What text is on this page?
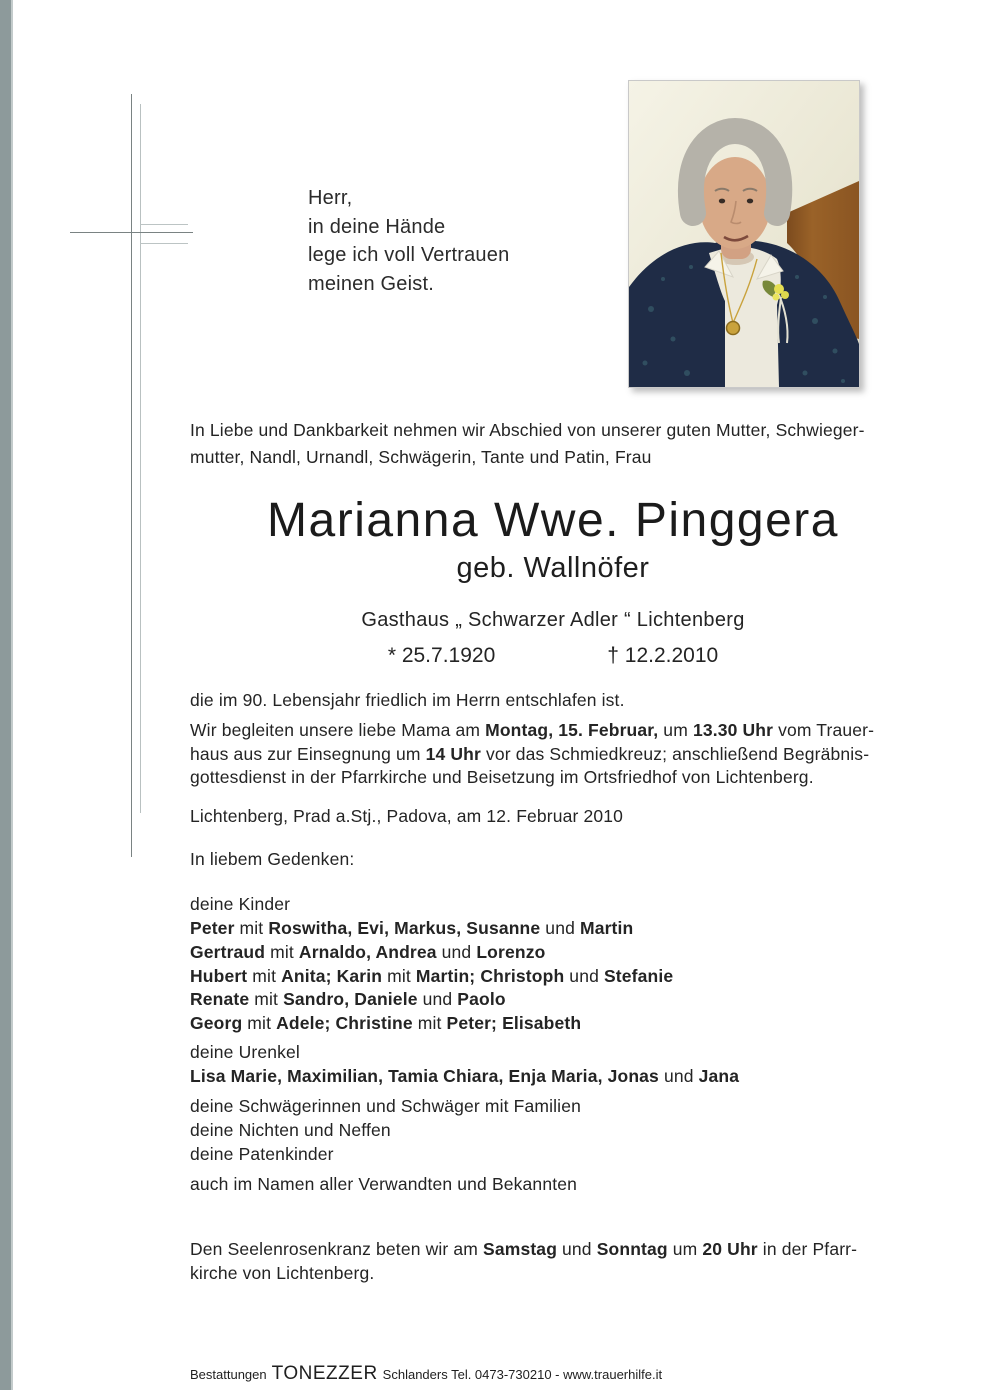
Herr,
in deine Hände
lege ich voll Vertrauen
meinen Geist.
In Liebe und Dankbarkeit nehmen wir Abschied von unserer guten Mutter, Schwieger-
mutter, Nandl, Urnandl, Schwägerin, Tante und Patin, Frau
Marianna Wwe. Pinggera
geb. Wallnöfer
Gasthaus „ Schwarzer Adler “ Lichtenberg
* 25.7.1920	† 12.2.2010
die im 90. Lebensjahr friedlich im Herrn entschlafen ist.
Wir begleiten unsere liebe Mama am Montag, 15. Februar, um 13.30 Uhr vom Trauer-
haus aus zur Einsegnung um 14 Uhr vor das Schmiedkreuz; anschließend Begräbnis-
gottesdienst in der Pfarrkirche und Beisetzung im Ortsfriedhof von Lichtenberg.
Lichtenberg, Prad a.Stj., Padova, am 12. Februar 2010
In liebem Gedenken:
deine Kinder
Peter mit Roswitha, Evi, Markus, Susanne und Martin
Gertraud mit Arnaldo, Andrea und Lorenzo
Hubert mit Anita; Karin mit Martin; Christoph und Stefanie
Renate mit Sandro, Daniele und Paolo
Georg mit Adele; Christine mit Peter; Elisabeth
deine Urenkel
Lisa Marie, Maximilian, Tamia Chiara, Enja Maria, Jonas und Jana
deine Schwägerinnen und Schwäger mit Familien
deine Nichten und Neffen
deine Patenkinder
auch im Namen aller Verwandten und Bekannten
Den Seelenrosenkranz beten wir am Samstag und Sonntag um 20 Uhr in der Pfarr-
kirche von Lichtenberg.
Bestattungen TONEZZER Schlanders Tel. 0473-730210 - www.trauerhilfe.it
